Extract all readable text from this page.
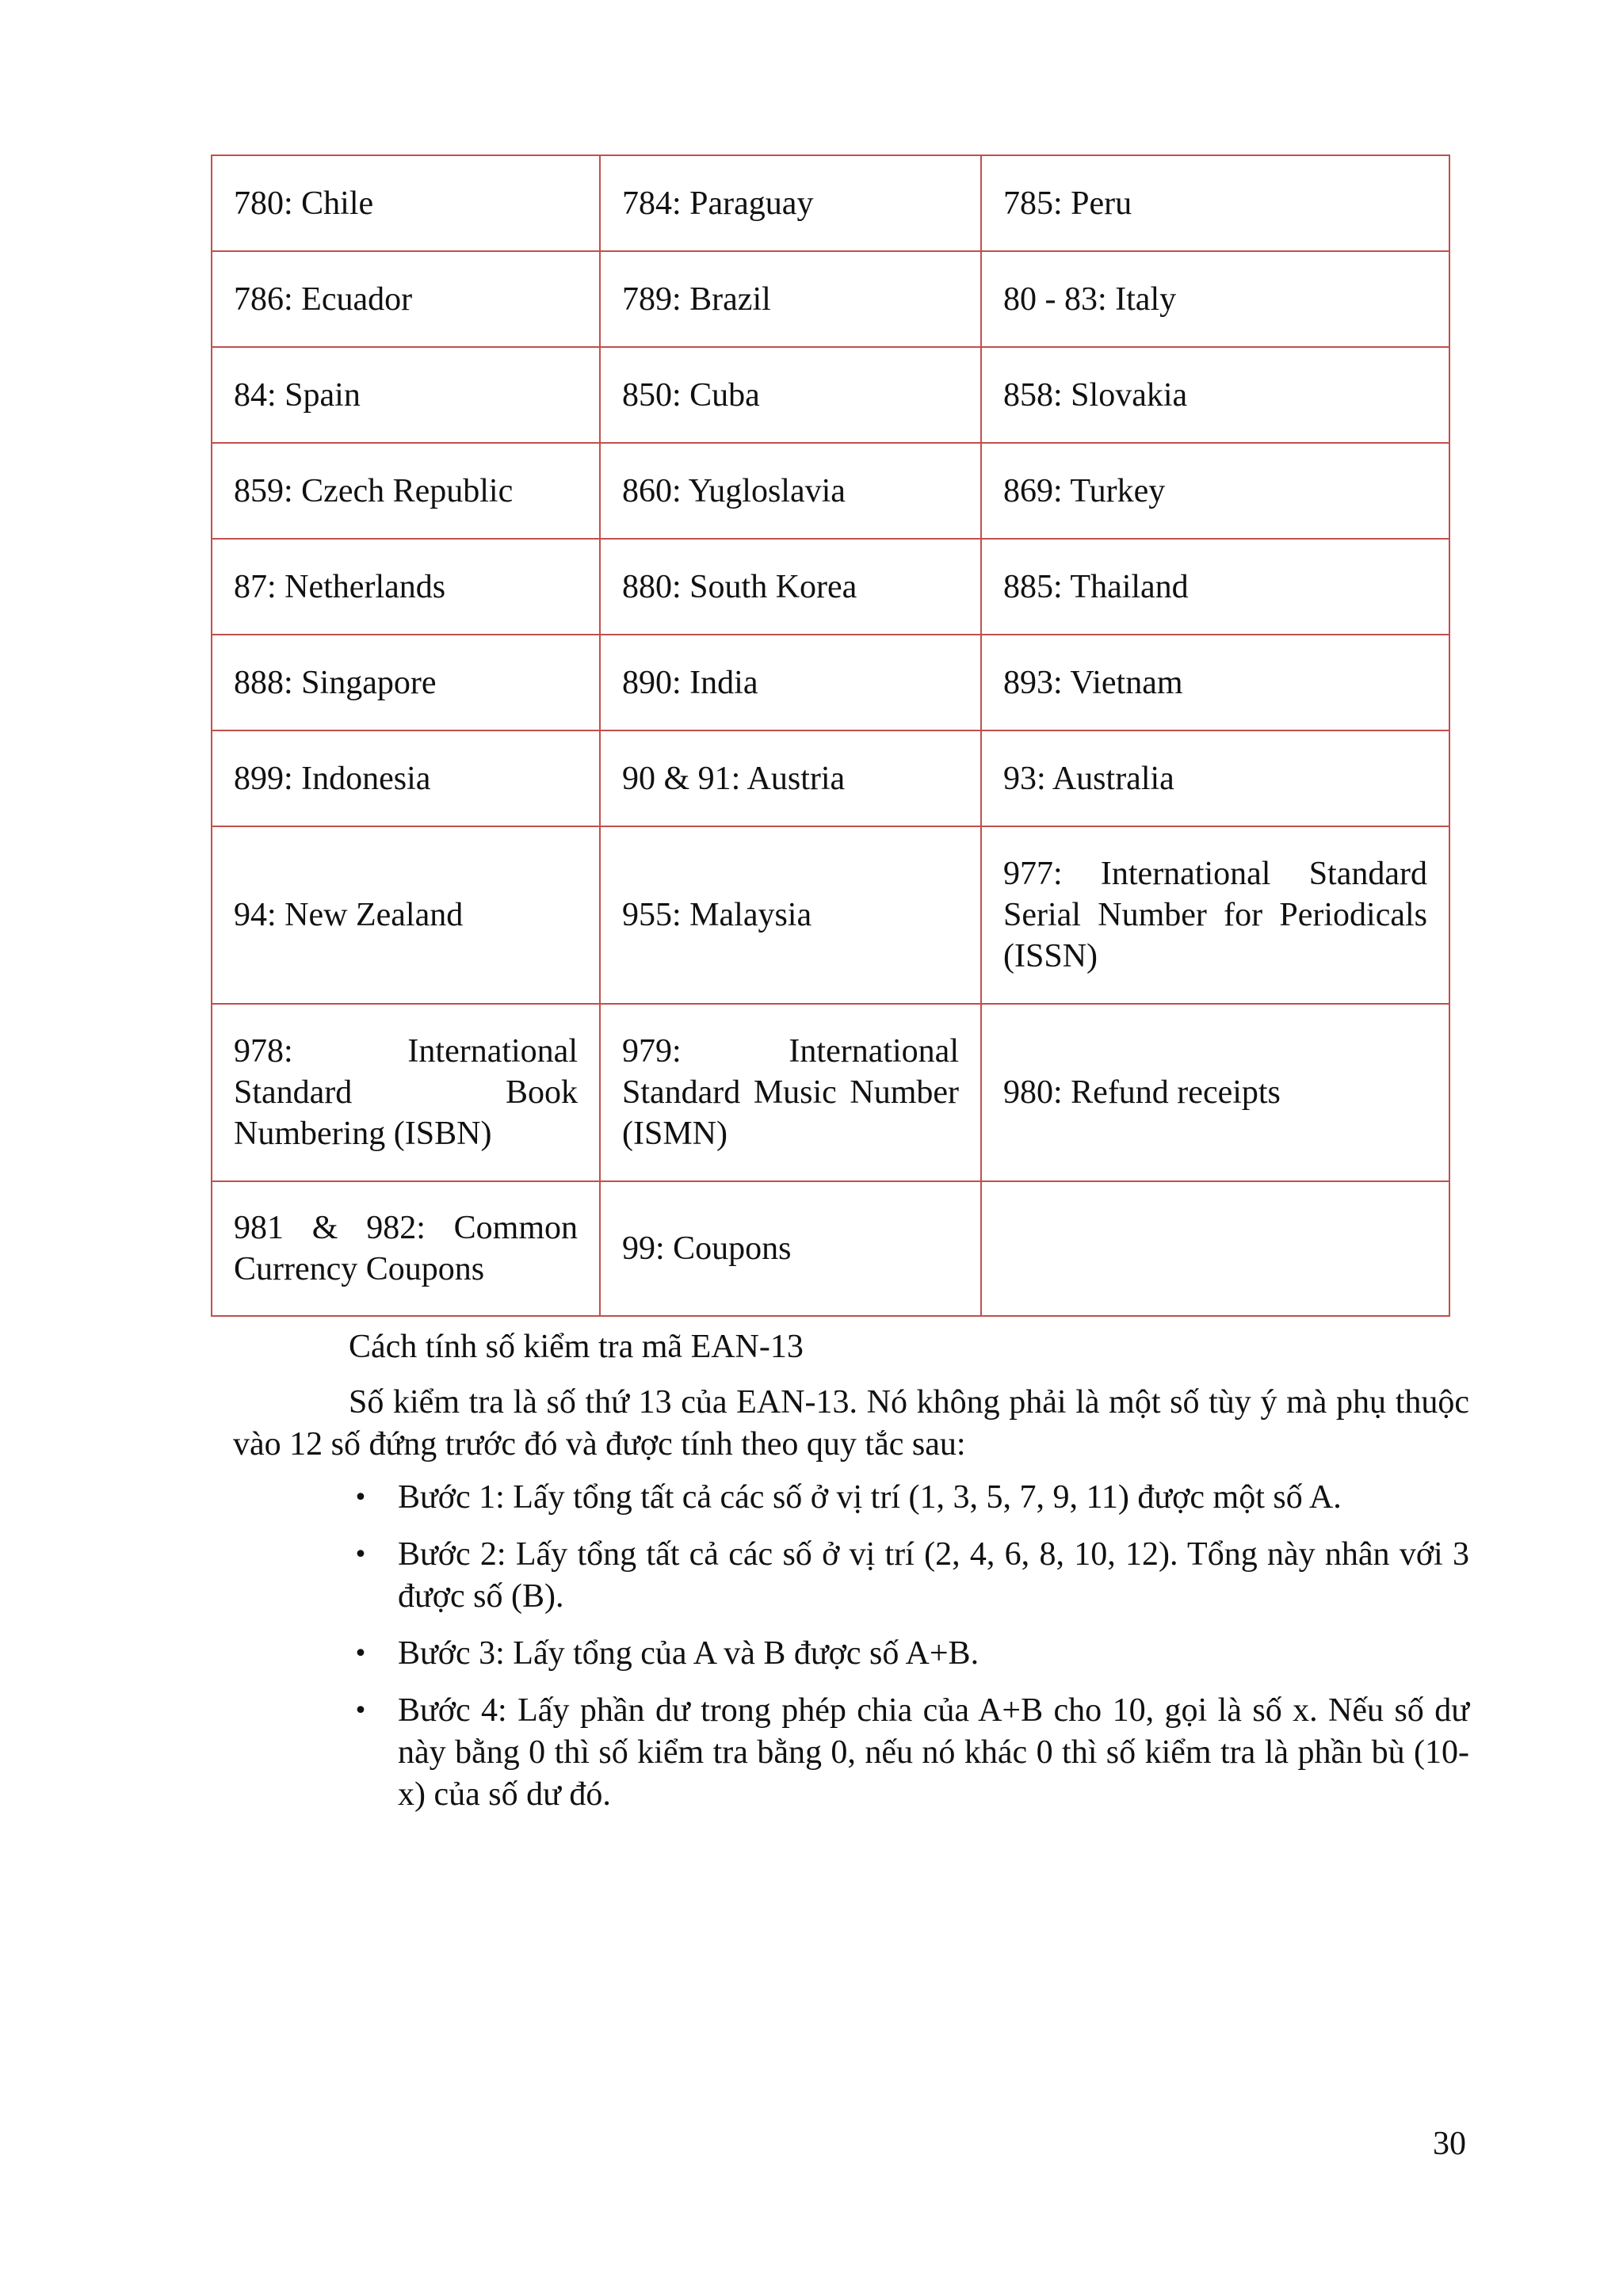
780: Chile	784: Paraguay	785: Peru
786: Ecuador	789: Brazil	80 - 83: Italy
84: Spain	850: Cuba	858: Slovakia
859: Czech Republic	860: Yugloslavia	869: Turkey
87: Netherlands	880: South Korea	885: Thailand
888: Singapore	890: India	893: Vietnam
899: Indonesia	90 & 91: Austria	93: Australia
94: New Zealand	955: Malaysia	977: International Standard Serial Number for Periodicals (ISSN)
978: International Standard Book Numbering (ISBN)	979: International Standard Music Number (ISMN)	980: Refund receipts
981 & 982: Common Currency Coupons	99: Coupons	

Cách tính số kiểm tra mã EAN-13

Số kiểm tra là số thứ 13 của EAN-13. Nó không phải là một số tùy ý mà phụ thuộc vào 12 số đứng trước đó và được tính theo quy tắc sau:

• Bước 1: Lấy tổng tất cả các số ở vị trí (1, 3, 5, 7, 9, 11) được một số A.
• Bước 2: Lấy tổng tất cả các số ở vị trí (2, 4, 6, 8, 10, 12). Tổng này nhân với 3 được số (B).
• Bước 3: Lấy tổng của A và B được số A+B.
• Bước 4: Lấy phần dư trong phép chia của A+B cho 10, gọi là số x. Nếu số dư này bằng 0 thì số kiểm tra bằng 0, nếu nó khác 0 thì số kiểm tra là phần bù (10-x) của số dư đó.
30
